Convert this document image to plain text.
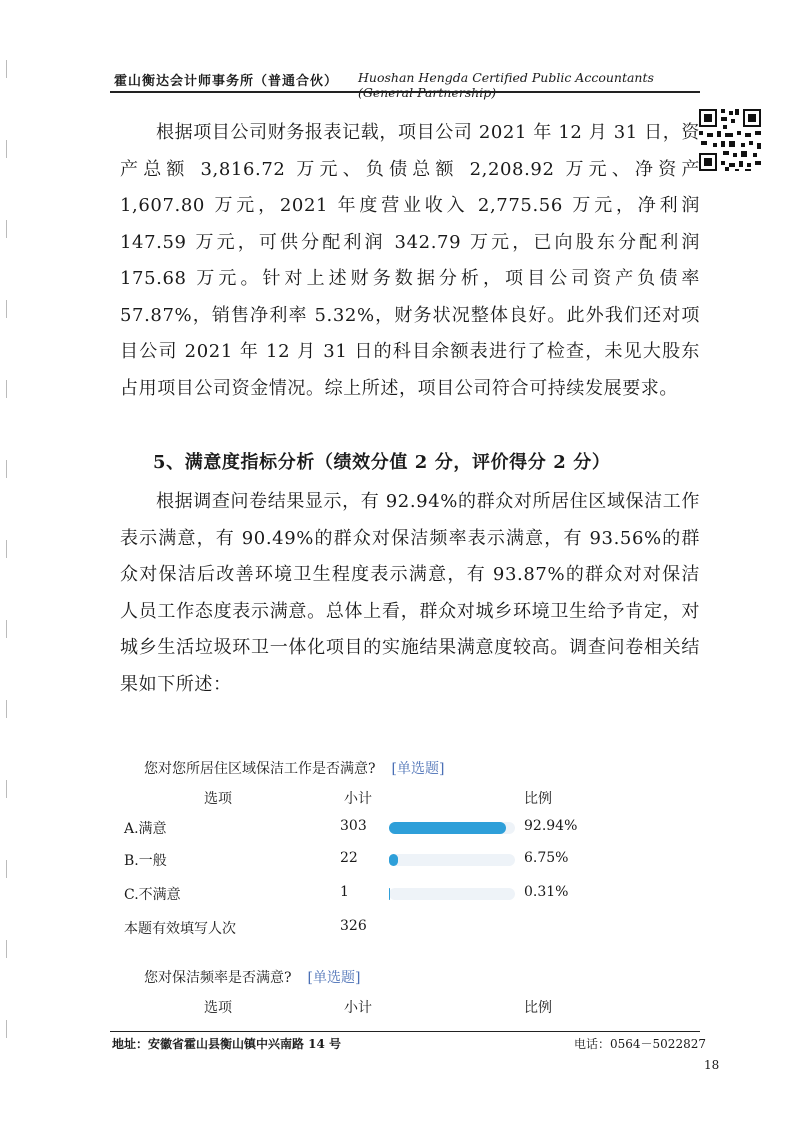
霍山衡达会计师事务所（普通合伙） Huoshan Hengda Certified Public Accountants
根据项目公司财务报表记载，项目公司 2021 年 12 月 31 日，资产总额 3,816.72 万元、负债总额 2,208.92 万元、净资产 1,607.80 万元，2021 年度营业收入 2,775.56 万元，净利润 147.59 万元，可供分配利润 342.79 万元，已向股东分配利润 175.68 万元。针对上述财务数据分析，项目公司资产负债率 57.87%，销售净利率 5.32%，财务状况整体良好。此外我们还对项目公司 2021 年 12 月 31 日的科目余额表进行了检查，未见大股东占用项目公司资金情况。综上所述，项目公司符合可持续发展要求。
5、满意度指标分析（绩效分值 2 分，评价得分 2 分）
根据调查问卷结果显示，有 92.94%的群众对所居住区域保洁工作表示满意，有 90.49%的群众对保洁频率表示满意，有 93.56%的群众对保洁后改善环境卫生程度表示满意，有 93.87%的群众对对保洁人员工作态度表示满意。总体上看，群众对城乡环境卫生给予肯定，对城乡生活垃圾环卫一体化项目的实施结果满意度较高。调查问卷相关结果如下所述：
您对您所居住区域保洁工作是否满意? [单选题]
选项	小计	比例
A.满意	303	92.94%
B.一般	22	6.75%
C.不满意	1	0.31%
本题有效填写人次	326
您对保洁频率是否满意? [单选题]
选项	小计	比例
地址：安徽省霍山县衡山镇中兴南路 14 号	电话：0564－5022827
18
